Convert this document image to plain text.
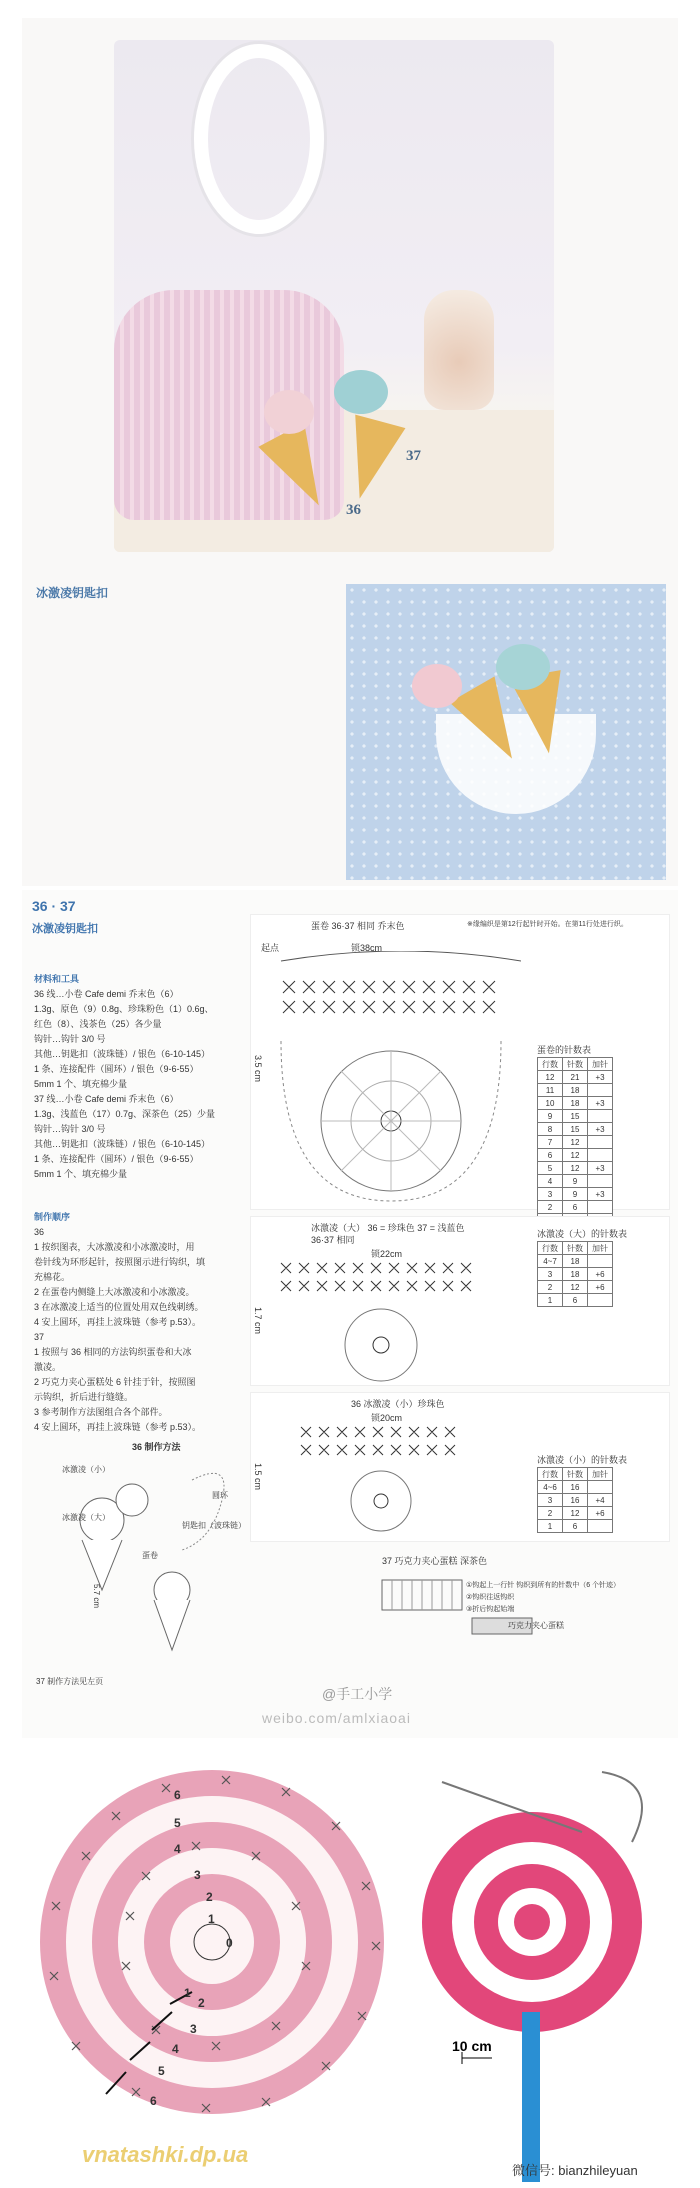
37
36
冰激凌钥匙扣
36 · 37
冰激凌钥匙扣
材料和工具
36 线…小卷 Cafe demi 乔末色（6）
1.3g、原色（9）0.8g、珍珠粉色（1）0.6g、
红色（8）、浅茶色（25）各少量
钩针…钩针 3/0 号
其他…钥匙扣（波珠链）/ 银色（6-10-145）
1 条、连接配件（圆环）/ 银色（9-6-55）
5mm 1 个、填充棉少量
37 线…小卷 Cafe demi 乔末色（6）
1.3g、浅蓝色（17）0.7g、深茶色（25）少量
钩针…钩针 3/0 号
其他…钥匙扣（波珠链）/ 银色（6-10-145）
1 条、连接配件（圆环）/ 银色（9-6-55）
5mm 1 个、填充棉少量
制作顺序
36
1 按织图表，大冰激凌和小冰激凌时，用
卷针线为环形起针，按照图示进行钩织，填
充棉花。
2 在蛋卷内侧缝上大冰激凌和小冰激凌。
3 在冰激凌上适当的位置处用双色线刺绣。
4 安上圆环，再挂上波珠链（参考 p.53）。
37
1 按照与 36 相同的方法钩织蛋卷和大冰
激凌。
2 巧克力夹心蛋糕处 6 针挂于针，按照图
示钩织，折后进行缝缝。
3 参考制作方法图组合各个部件。
4 安上圆环，再挂上波珠链（参考 p.53）。
蛋卷 36·37 相同 乔末色	※缘编织是第12行起针时开始。在第11行处进行织。
起点	锁38cm
3.5 cm
蛋卷的针数表
行数	针数	加针
12	21	+3
11	18	
10	18	+3
9	15	
8	15	+3
7	12	
6	12	
5	12	+3
4	9	
3	9	+3
2	6	

冰激凌（大） 36 = 珍珠色 37 = 浅蓝色
36·37 相同
锁22cm
1.7 cm
冰激凌（大）的针数表
行数	针数	加针
4~7	18	
3	18	+6
2	12	+6
1	6	
36 冰激凌（小）珍珠色
锁20cm
1.5 cm
冰激凌（小）的针数表
行数	针数	加针
4~6	16	
3	16	+4
2	12	+6
1	6	
36 制作方法
冰激凌（小）
冰激凌（大）
蛋卷
圆环
钥匙扣（波珠链）
5.7 cm
37 制作方法见左页
37 巧克力夹心蛋糕 深茶色
①钩起上一行针 钩织到所有的针数中（6 个针迹）
②钩织往返钩织
③折后钩起始端
巧克力夹心蛋糕
@手工小学
weibo.com/amlxiaoai
6
5
4
3
2
1
0
1
2
3
4
5
6
10 cm
vnatashki.dp.ua
微信号: bianzhileyuan
